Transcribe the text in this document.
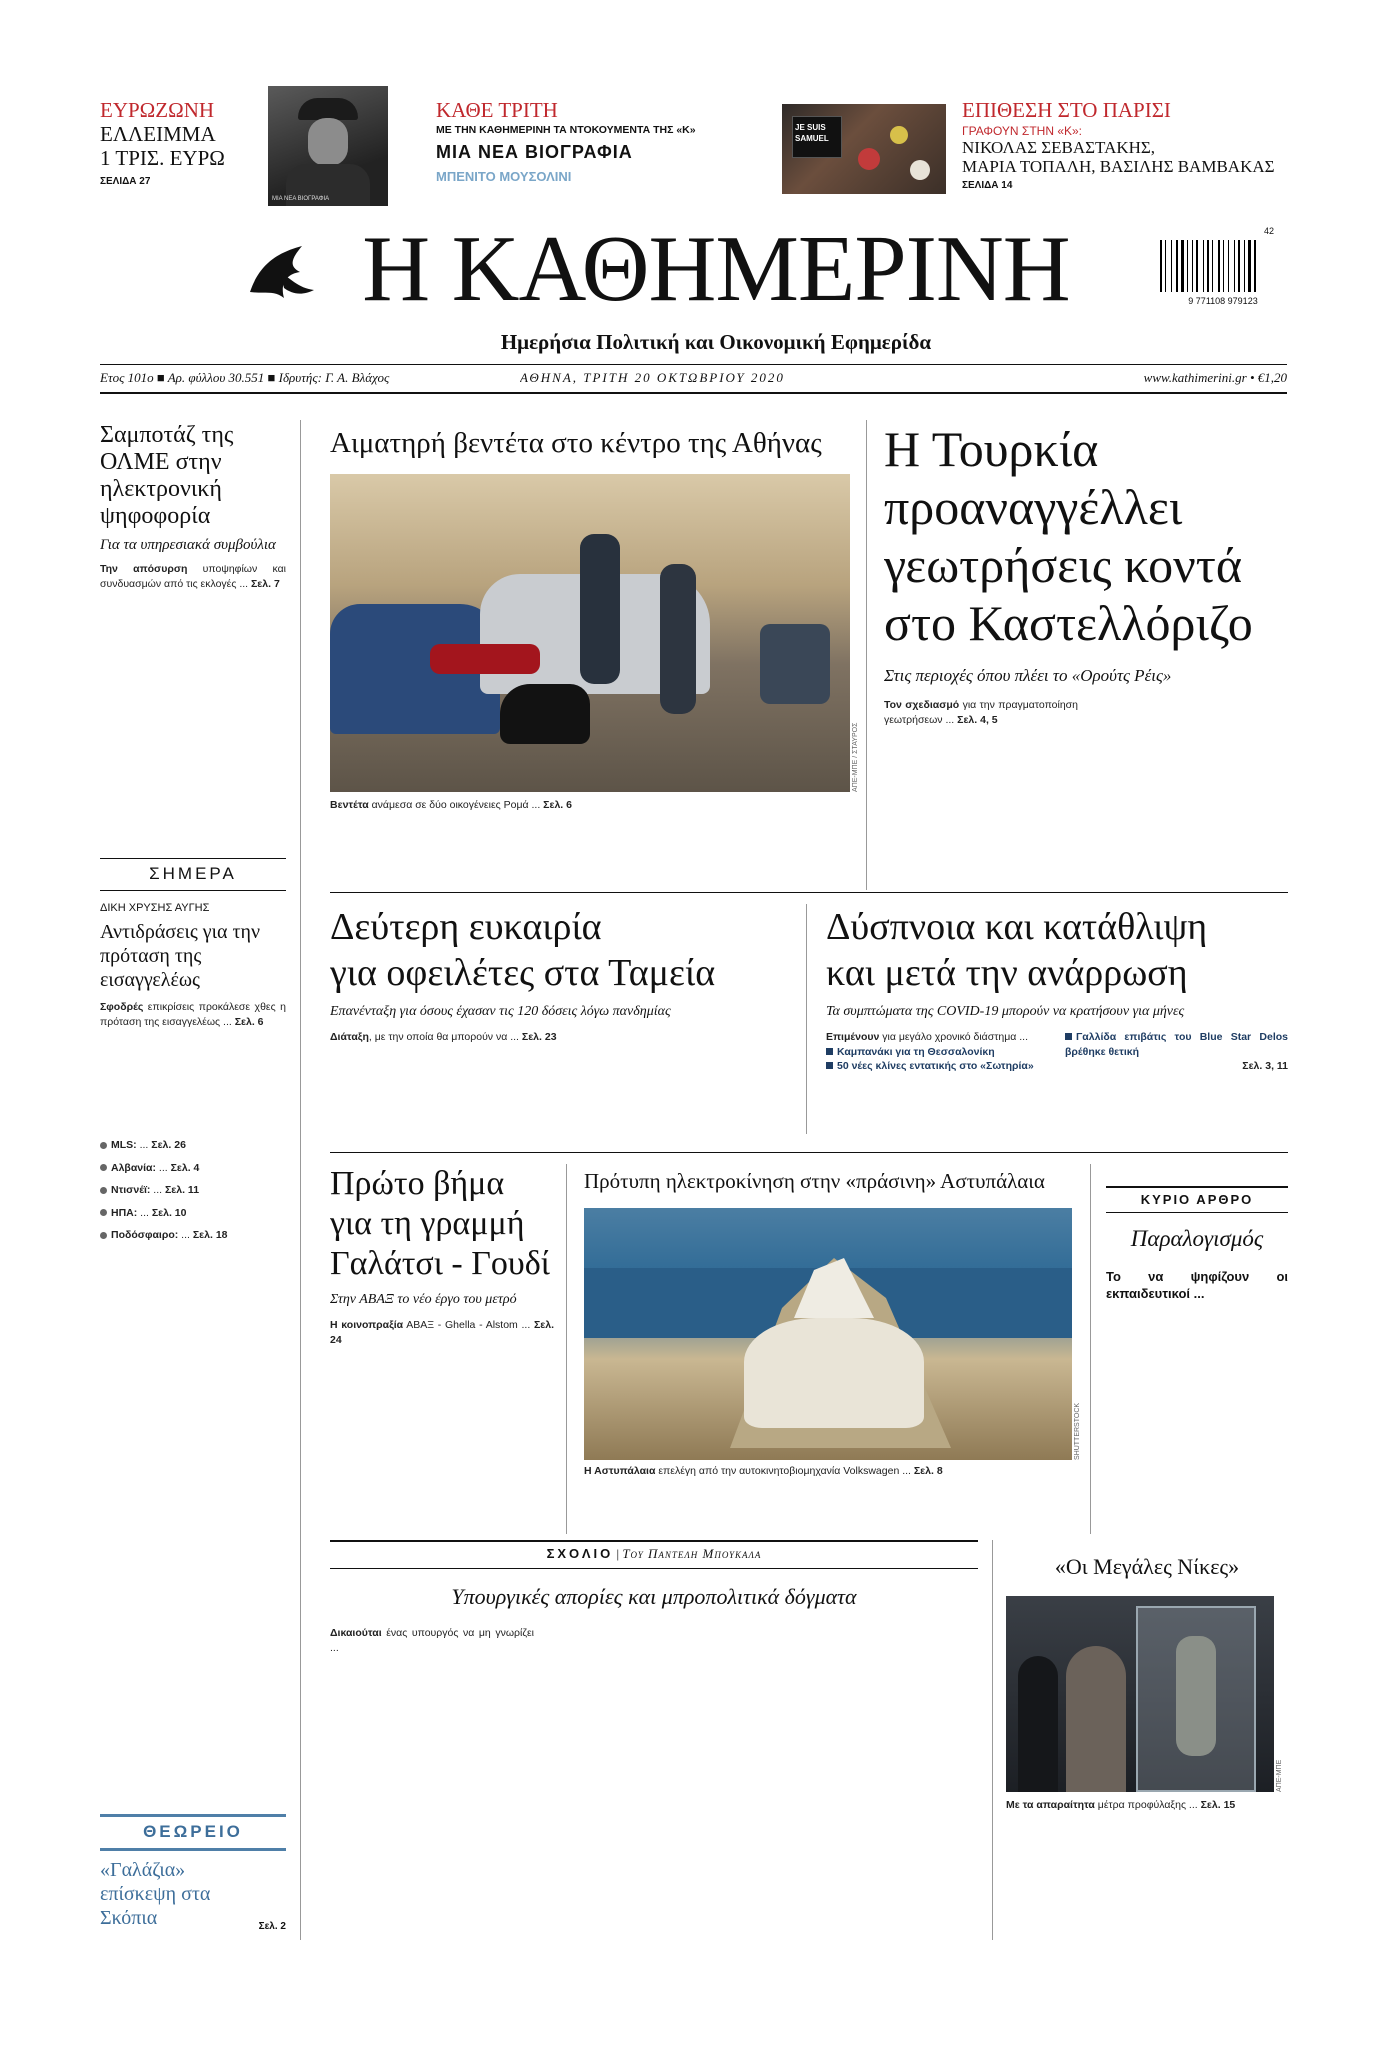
ΕΥΡΩΖΩΝΗ
ΕΛΛΕΙΜΜΑ
1 ΤΡΙΣ. ΕΥΡΩ
ΣΕΛΙΔΑ 27
ΜΙΑ ΝΕΑ ΒΙΟΓΡΑΦΙΑ
ΚΑΘΕ ΤΡΙΤΗ
ΜΕ ΤΗΝ ΚΑΘΗΜΕΡΙΝΗ ΤΑ ΝΤΟΚΟΥΜΕΝΤΑ ΤΗΣ «Κ»
ΜΙΑ ΝΕΑ ΒΙΟΓΡΑΦΙΑ
ΜΠΕΝΙΤΟ ΜΟΥΣΟΛΙΝΙ
JE SUIS SAMUEL
ΕΠΙΘΕΣΗ ΣΤΟ ΠΑΡΙΣΙ
ΓΡΑΦΟΥΝ ΣΤΗΝ «Κ»:
ΝΙΚΟΛΑΣ ΣΕΒΑΣΤΑΚΗΣ,
ΜΑΡΙΑ ΤΟΠΑΛΗ, ΒΑΣΙΛΗΣ ΒΑΜΒΑΚΑΣ
ΣΕΛΙΔΑ 14
Η ΚΑΘΗΜΕΡΙΝΗ
Ημερήσια Πολιτική και Οικονομική Εφημερίδα
9 771108 979123
42
Ετος 101ο ■ Αρ. φύλλου 30.551 ■ Ιδρυτής: Γ. Α. Βλάχος	ΑΘΗΝΑ, ΤΡΙΤΗ 20 ΟΚΤΩΒΡΙΟΥ 2020	www.kathimerini.gr • €1,20
Σαμποτάζ της ΟΛΜΕ στην ηλεκτρονική ψηφοφορία
Για τα υπηρεσιακά συμβούλια
Την απόσυρση υποψηφίων και συνδυασμών από τις εκλογές ... Σελ. 7
ΣΗΜΕΡΑ
ΔΙΚΗ ΧΡΥΣΗΣ ΑΥΓΗΣ
Αντιδράσεις για την πρόταση της εισαγγελέως
Σφοδρές επικρίσεις προκάλεσε χθες η πρόταση της εισαγγελέως ... Σελ. 6
MLS: ... Σελ. 26
Αλβανία: ... Σελ. 4
Ντισνέϊ: ... Σελ. 11
ΗΠΑ: ... Σελ. 10
Ποδόσφαιρο: ... Σελ. 18
ΘΕΩΡΕΙΟ
«Γαλάζια» επίσκεψη στα Σκόπια	Σελ. 2
Αιματηρή βεντέτα στο κέντρο της Αθήνας
ΑΠΕ-ΜΠΕ / ΣΤΑΥΡΟΣ
Βεντέτα ανάμεσα σε δύο οικογένειες Ρομά ... Σελ. 6
Η Τουρκία προαναγγέλλει γεωτρήσεις κοντά στο Καστελλόριζο
Στις περιοχές όπου πλέει το «Ορούτς Ρέις»
Τον σχεδιασμό για την πραγματοποίηση γεωτρήσεων ... Σελ. 4, 5
Δεύτερη ευκαιρία
για οφειλέτες στα Ταμεία
Επανένταξη για όσους έχασαν τις 120 δόσεις λόγω πανδημίας
Διάταξη, με την οποία θα μπορούν να ... Σελ. 23
Δύσπνοια και κατάθλιψη
και μετά την ανάρρωση
Τα συμπτώματα της COVID-19 μπορούν να κρατήσουν για μήνες
Επιμένουν για μεγάλο χρονικό διάστημα ...
Καμπανάκι για τη Θεσσαλονίκη
50 νέες κλίνες εντατικής στο «Σωτηρία»
Γαλλίδα επιβάτις του Blue Star Delos βρέθηκε θετική
Σελ. 3, 11
Πρώτο βήμα για τη γραμμή Γαλάτσι - Γουδί
Στην ΑΒΑΞ το νέο έργο του μετρό
Η κοινοπραξία ΑΒΑΞ - Ghella - Alstom ... Σελ. 24
Πρότυπη ηλεκτροκίνηση στην «πράσινη» Αστυπάλαια
SHUTTERSTOCK
Η Αστυπάλαια επελέγη από την αυτοκινητοβιομηχανία Volkswagen ... Σελ. 8
ΚΥΡΙΟ ΑΡΘΡΟ
Παραλογισμός
Το να ψηφίζουν οι εκπαιδευτικοί ...
ΣΧΟΛΙΟ | Του Παντελη Μπουκαλα
Υπουργικές απορίες και μπροπολιτικά δόγματα
Δικαιούται ένας υπουργός να μη γνωρίζει ...
«Οι Μεγάλες Νίκες»
ΑΠΕ-ΜΠΕ
Με τα απαραίτητα μέτρα προφύλαξης ... Σελ. 15
